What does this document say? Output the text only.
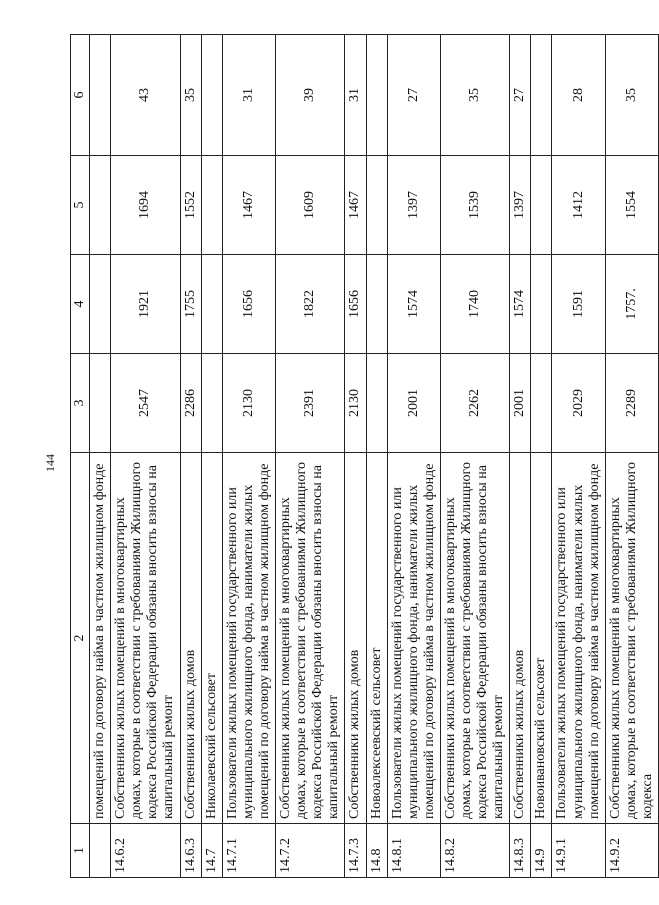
144
1	2	3	4	5	6
	помещений по договору найма в частном жилищном фонде				
14.6.2	Собственники жилых помещений в многоквартирных домах, которые в соответствии с требованиями Жилищного кодекса Российской Федерации обязаны вносить взносы на капитальный ремонт	2547	1921	1694	43
14.6.3	Собственники жилых домов	2286	1755	1552	35
14.7	Николаевский сельсовет				
14.7.1	Пользователи жилых помещений государственного или муниципального жилищного фонда, наниматели жилых помещений по договору найма в частном жилищном фонде	2130	1656	1467	31
14.7.2	Собственники жилых помещений в многоквартирных домах, которые в соответствии с требованиями Жилищного кодекса Российской Федерации обязаны вносить взносы на капитальный ремонт	2391	1822	1609	39
14.7.3	Собственники жилых домов	2130	1656	1467	31
14.8	Новоалексеевский сельсовет				
14.8.1	Пользователи жилых помещений государственного или муниципального жилищного фонда, наниматели жилых помещений по договору найма в частном жилищном фонде	2001	1574	1397	27
14.8.2	Собственники жилых помещений в многоквартирных домах, которые в соответствии с требованиями Жилищного кодекса Российской Федерации обязаны вносить взносы на капитальный ремонт	2262	1740	1539	35
14.8.3	Собственники жилых домов	2001	1574	1397	27
14.9	Новоивановский сельсовет				
14.9.1	Пользователи жилых помещений государственного или муниципального жилищного фонда, наниматели жилых помещений по договору найма в частном жилищном фонде	2029	1591	1412	28
14.9.2	Собственники жилых помещений в многоквартирных домах, которые в соответствии с требованиями Жилищного кодекса	2289	1757.	1554	35
